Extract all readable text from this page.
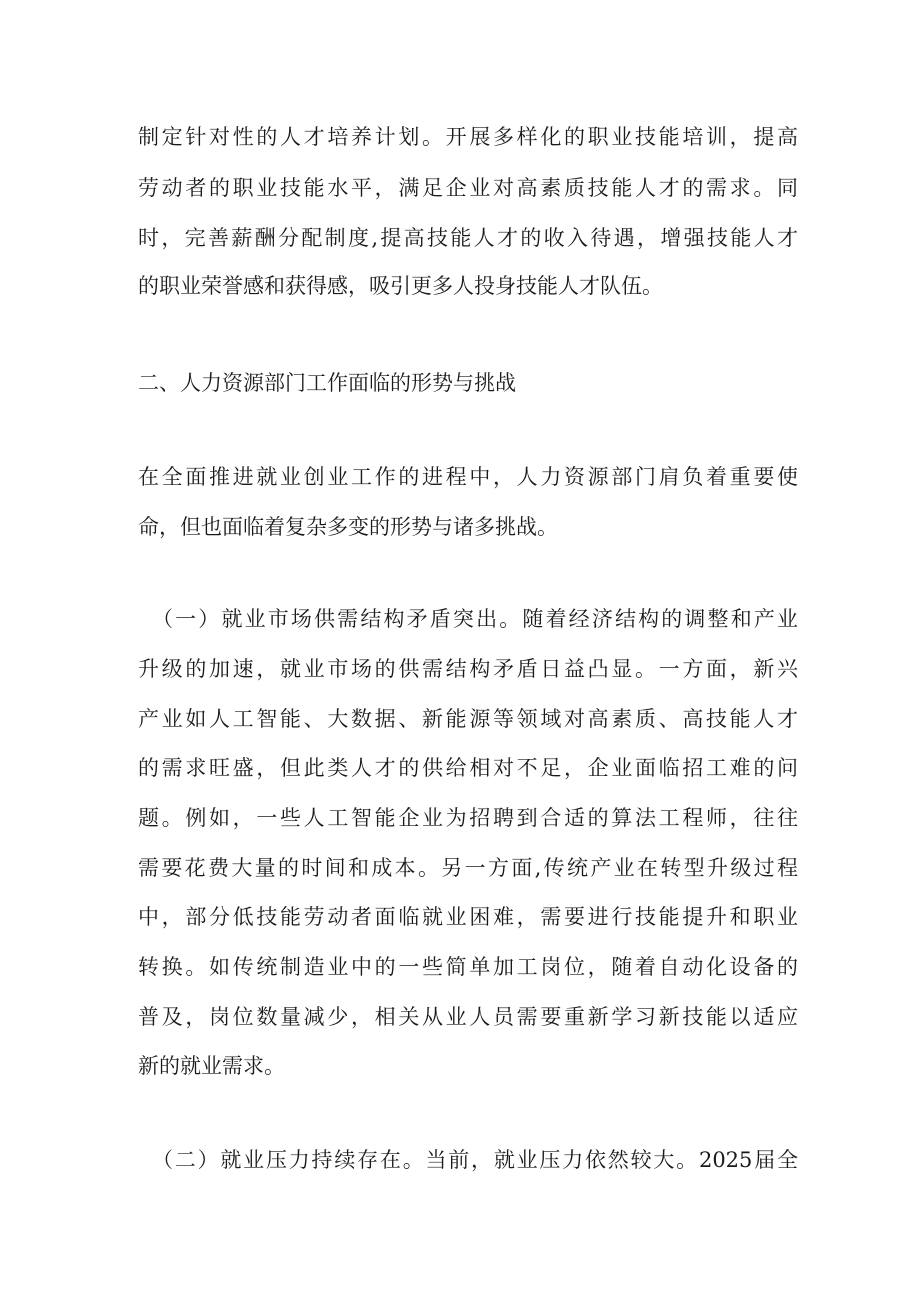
制定针对性的人才培养计划。开展多样化的职业技能培训，提高
劳动者的职业技能水平，满足企业对高素质技能人才的需求。同
时，完善薪酬分配制度,提高技能人才的收入待遇，增强技能人才
的职业荣誉感和获得感，吸引更多人投身技能人才队伍。
二、人力资源部门工作面临的形势与挑战
在全面推进就业创业工作的进程中，人力资源部门肩负着重要使
命，但也面临着复杂多变的形势与诸多挑战。
（一）就业市场供需结构矛盾突出。随着经济结构的调整和产业
升级的加速，就业市场的供需结构矛盾日益凸显。一方面，新兴
产业如人工智能、大数据、新能源等领域对高素质、高技能人才
的需求旺盛，但此类人才的供给相对不足，企业面临招工难的问
题。例如，一些人工智能企业为招聘到合适的算法工程师，往往
需要花费大量的时间和成本。另一方面,传统产业在转型升级过程
中，部分低技能劳动者面临就业困难，需要进行技能提升和职业
转换。如传统制造业中的一些简单加工岗位，随着自动化设备的
普及，岗位数量减少，相关从业人员需要重新学习新技能以适应
新的就业需求。
（二）就业压力持续存在。当前，就业压力依然较大。2025届全
